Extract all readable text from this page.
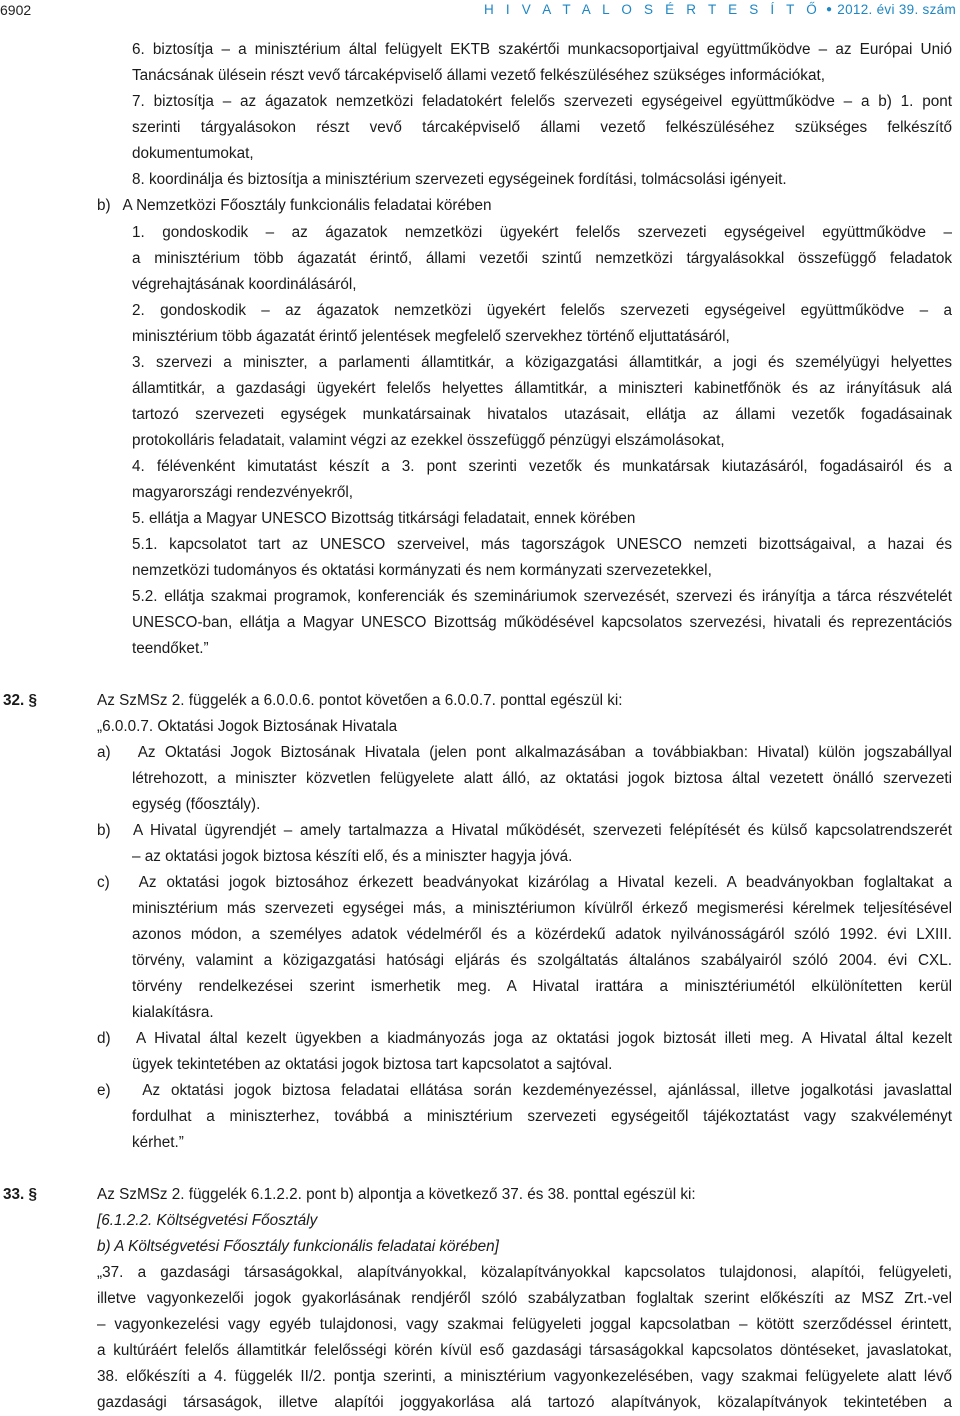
6902	H I V A T A L O S É R T E S Í T Ő ● 2012. évi 39. szám
6. biztosítja – a minisztérium által felügyelt EKTB szakértői munkacsoportjaival együttműködve – az Európai Unió
Tanácsának ülésein részt vevő tárcaképviselő állami vezető felkészüléséhez szükséges információkat,
7. biztosítja – az ágazatok nemzetközi feladatokért felelős szervezeti egységeivel együttműködve – a b) 1. pont
szerinti tárgyalásokon részt vevő tárcaképviselő állami vezető felkészüléséhez szükséges felkészítő
dokumentumokat,
8. koordinálja és biztosítja a minisztérium szervezeti egységeinek fordítási, tolmácsolási igényeit.
b)   A Nemzetközi Főosztály funkcionális feladatai körében
1. gondoskodik – az ágazatok nemzetközi ügyekért felelős szervezeti egységeivel együttműködve –
a minisztérium több ágazatát érintő, állami vezetői szintű nemzetközi tárgyalásokkal összefüggő feladatok
végrehajtásának koordinálásáról,
2. gondoskodik – az ágazatok nemzetközi ügyekért felelős szervezeti egységeivel együttműködve – a
minisztérium több ágazatát érintő jelentések megfelelő szervekhez történő eljuttatásáról,
3. szervezi a miniszter, a parlamenti államtitkár, a közigazgatási államtitkár, a jogi és személyügyi helyettes
államtitkár, a gazdasági ügyekért felelős helyettes államtitkár, a miniszteri kabinetfőnök és az irányításuk alá
tartozó szervezeti egységek munkatársainak hivatalos utazásait, ellátja az állami vezetők fogadásainak
protokolláris feladatait, valamint végzi az ezekkel összefüggő pénzügyi elszámolásokat,
4. félévenként kimutatást készít a 3. pont szerinti vezetők és munkatársak kiutazásáról, fogadásairól és a
magyarországi rendezvényekről,
5. ellátja a Magyar UNESCO Bizottság titkársági feladatait, ennek körében
5.1. kapcsolatot tart az UNESCO szerveivel, más tagországok UNESCO nemzeti bizottságaival, a hazai és
nemzetközi tudományos és oktatási kormányzati és nem kormányzati szervezetekkel,
5.2. ellátja szakmai programok, konferenciák és szemináriumok szervezését, szervezi és irányítja a tárca részvételét
UNESCO-ban, ellátja a Magyar UNESCO Bizottság működésével kapcsolatos szervezési, hivatali és reprezentációs
teendőket.”
32. §	Az SzMSz 2. függelék a 6.0.0.6. pontot követően a 6.0.0.7. ponttal egészül ki:
„6.0.0.7. Oktatási Jogok Biztosának Hivatala
a)   Az Oktatási Jogok Biztosának Hivatala (jelen pont alkalmazásában a továbbiakban: Hivatal) külön jogszabállyal
létrehozott, a miniszter közvetlen felügyelete alatt álló, az oktatási jogok biztosa által vezetett önálló szervezeti
egység (főosztály).
b)   A Hivatal ügyrendjét – amely tartalmazza a Hivatal működését, szervezeti felépítését és külső kapcsolatrendszerét
– az oktatási jogok biztosa készíti elő, és a miniszter hagyja jóvá.
c)   Az oktatási jogok biztosához érkezett beadványokat kizárólag a Hivatal kezeli. A beadványokban foglaltakat a
minisztérium más szervezeti egységei más, a minisztériumon kívülről érkező megismerési kérelmek teljesítésével
azonos módon, a személyes adatok védelméről és a közérdekű adatok nyilvánosságáról szóló 1992. évi LXIII.
törvény, valamint a közigazgatási hatósági eljárás és szolgáltatás általános szabályairól szóló 2004. évi CXL.
törvény rendelkezései szerint ismerhetik meg. A Hivatal irattára a minisztériumétól elkülönítetten kerül
kialakításra.
d)   A Hivatal által kezelt ügyekben a kiadmányozás joga az oktatási jogok biztosát illeti meg. A Hivatal által kezelt
ügyek tekintetében az oktatási jogok biztosa tart kapcsolatot a sajtóval.
e)   Az oktatási jogok biztosa feladatai ellátása során kezdeményezéssel, ajánlással, illetve jogalkotási javaslattal
fordulhat a miniszterhez, továbbá a minisztérium szervezeti egységeitől tájékoztatást vagy szakvéleményt
kérhet.”
33. §	Az SzMSz 2. függelék 6.1.2.2. pont b) alpontja a következő 37. és 38. ponttal egészül ki:
[6.1.2.2. Költségvetési Főosztály
b) A Költségvetési Főosztály funkcionális feladatai körében]
„37. a gazdasági társaságokkal, alapítványokkal, közalapítványokkal kapcsolatos tulajdonosi, alapítói, felügyeleti,
illetve vagyonkezelői jogok gyakorlásának rendjéről szóló szabályzatban foglaltak szerint előkészíti az MSZ Zrt.-vel
– vagyonkezelési vagy egyéb tulajdonosi, vagy szakmai felügyeleti joggal kapcsolatban – kötött szerződéssel érintett,
a kultúráért felelős államtitkár felelősségi körén kívül eső gazdasági társaságokkal kapcsolatos döntéseket, javaslatokat,
38. előkészíti a 4. függelék II/2. pontja szerinti, a minisztérium vagyonkezelésében, vagy szakmai felügyelete alatt lévő
gazdasági társaságok, illetve alapítói joggyakorlása alá tartozó alapítványok, közalapítványok tekintetében a
